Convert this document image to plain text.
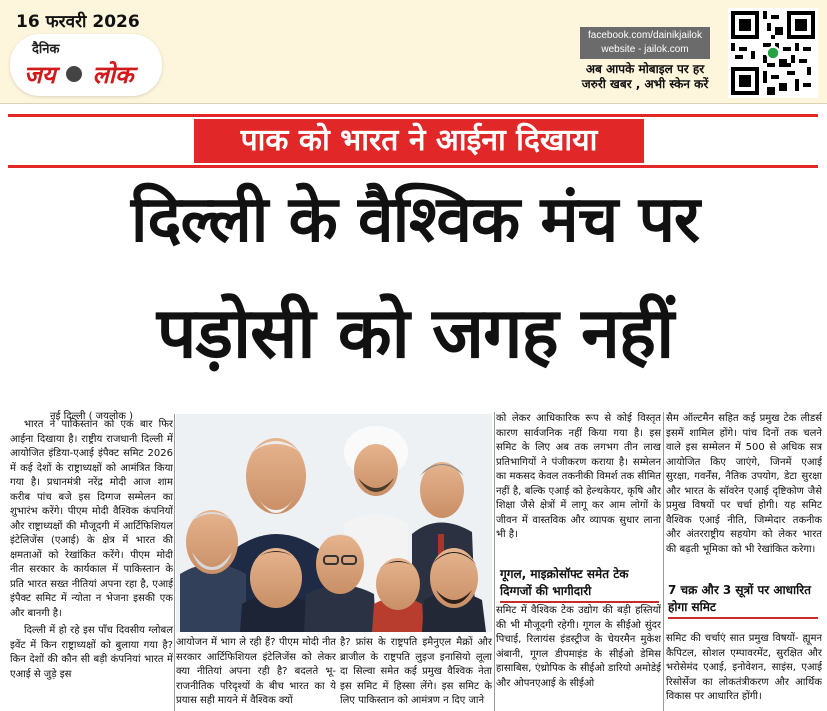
16 फरवरी 2026
दैनिक
जय लोक
facebook.com/dainikjailok
website - jailok.com
अब आपके मोबाइल पर हर
जरुरी खबर , अभी स्केन करें
पाक को भारत ने आईना दिखाया
दिल्ली के वैश्विक मंच पर
पड़ोसी को जगह नहीं
नई दिल्ली ( जयलोक )

भारत ने पाकिस्तान को एक बार फिर आईना दिखाया है। राष्ट्रीय राजधानी दिल्ली में आयोजित इंडिया-एआई इंपैक्ट समिट 2026 में कई देशों के राष्ट्राध्यक्षों को आमंत्रित किया गया है। प्रधानमंत्री नरेंद्र मोदी आज शाम करीब पांच बजे इस दिग्गज सम्मेलन का शुभारंभ करेंगे। पीएम मोदी वैश्विक कंपनियों और राष्ट्राध्यक्षों की मौजूदगी में आर्टिफिशियल इंटेलिजेंस (एआई) के क्षेत्र में भारत की क्षमताओं को रेखांकित करेंगे। पीएम मोदी नीत सरकार के कार्यकाल में पाकिस्तान के प्रति भारत सख्त नीतियां अपना रहा है, एआई इंपैक्ट समिट में न्योता न भेजना इसकी एक और बानगी है।

दिल्ली में हो रहे इस पाँच दिवसीय ग्लोबल इवेंट में किन राष्ट्राध्यक्षों को बुलाया गया है? किन देशों की कौन सी बड़ी कंपनियां भारत में एआई से जुड़े इस

आयोजन में भाग ले रही हैं? पीएम मोदी नीत सरकार आर्टिफिशियल इंटेलिजेंस को लेकर क्या नीतियां अपना रही है? बदलते भू-राजनीतिक परिदृश्यों के बीच भारत का ये प्रयास सही मायने में वैश्विक क्यों
है? फ्रांस के राष्ट्रपति इमैनुएल मैक्रों और ब्राजील के राष्ट्रपति लुइज इनासियो लूला दा सिल्वा समेत कई प्रमुख वैश्विक नेता इस समिट में हिस्सा लेंगे। इस समिट के लिए पाकिस्तान को आमंत्रण न दिए जाने
को लेकर आधिकारिक रूप से कोई विस्तृत कारण सार्वजनिक नहीं किया गया है। इस समिट के लिए अब तक लगभग तीन लाख प्रतिभागियों ने पंजीकरण कराया है। सम्मेलन का मकसद केवल तकनीकी विमर्श तक सीमित नहीं है, बल्कि एआई को हेल्थकेयर, कृषि और शिक्षा जैसे क्षेत्रों में लागू कर आम लोगों के जीवन में वास्तविक और व्यापक सुधार लाना भी है।
गूगल, माइक्रोसॉफ्ट समेत टेक दिग्गजों की भागीदारी
समिट में वैश्विक टेक उद्योग की बड़ी हस्तियों की भी मौजूदगी रहेगी। गूगल के सीईओ सुंदर पिचाई, रिलायंस इंडस्ट्रीज के चेयरमैन मुकेश अंबानी, गूगल डीपमाइंड के सीईओ डेमिस हासाबिस, एंथ्रोपिक के सीईओ डारियो अमोडेई और ओपनएआई के सीईओ
सैम ऑल्टमैन सहित कई प्रमुख टेक लीडर्स इसमें शामिल होंगे। पांच दिनों तक चलने वाले इस सम्मेलन में 500 से अधिक सत्र आयोजित किए जाएंगे, जिनमें एआई सुरक्षा, गवर्नेंस, नैतिक उपयोग, डेटा सुरक्षा और भारत के सॉवरेन एआई दृष्टिकोण जैसे प्रमुख विषयों पर चर्चा होगी। यह समिट वैश्विक एआई नीति, जिम्मेदार तकनीक और अंतरराष्ट्रीय सहयोग को लेकर भारत की बढ़ती भूमिका को भी रेखांकित करेगा।
7 चक्र और 3 सूत्रों पर आधारित होगा समिट
समिट की चर्चाएं सात प्रमुख विषयों- ह्यूमन कैपिटल, सोशल एम्पावरमेंट, सुरक्षित और भरोसेमंद एआई, इनोवेशन, साइंस, एआई रिसोर्सेज का लोकतंत्रीकरण और आर्थिक विकास पर आधारित होंगी।
